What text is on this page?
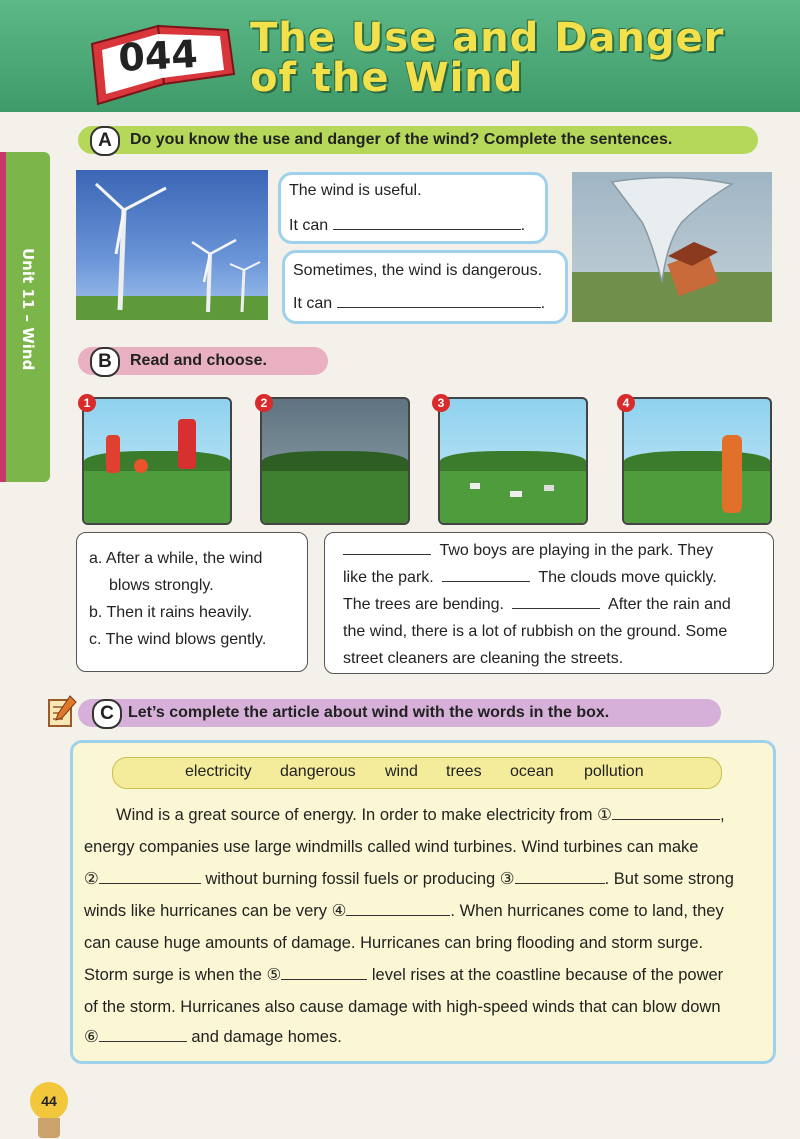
044 The Use and Danger
of the Wind
Unit 11 – Wind
A	Do you know the use and danger of the wind? Complete the sentences.
The wind is useful.
It can	.
Sometimes, the wind is dangerous.
It can	.
B	Read and choose.
1	2	3	4
a. After a while, the wind
blows strongly.
b. Then it rains heavily.
c. The wind blows gently.
Two boys are playing in the park. They
like the park.	The clouds move quickly.
The trees are bending.	After the rain and
the wind, there is a lot of rubbish on the ground. Some
street cleaners are cleaning the streets.
C Let’s complete the article about wind with the words in the box.
electricity dangerous wind trees ocean pollution
Wind is a great source of energy. In order to make electricity from ①	,
energy companies use large windmills called wind turbines. Wind turbines can make
②	without burning fossil fuels or producing ③	. But some strong
winds like hurricanes can be very ④	. When hurricanes come to land, they
can cause huge amounts of damage. Hurricanes can bring flooding and storm surge.
Storm surge is when the ⑤	level rises at the coastline because of the power
of the storm. Hurricanes also cause damage with high-speed winds that can blow down
⑥	and damage homes.
44
